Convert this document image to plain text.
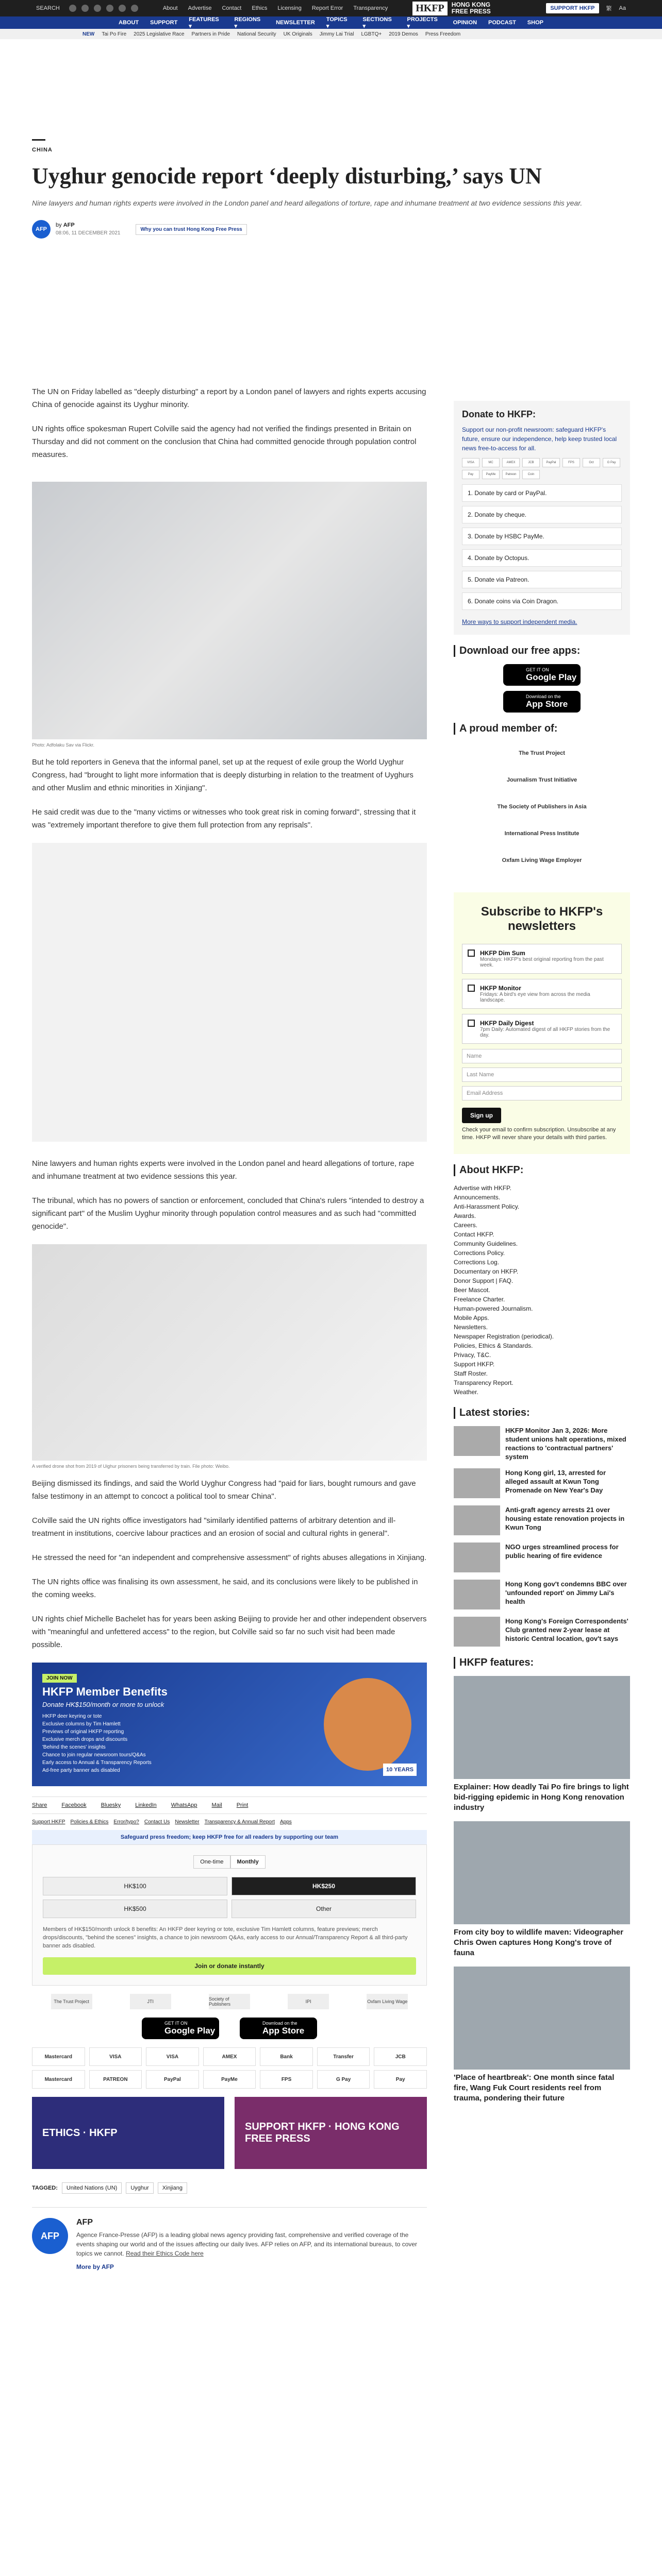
SEARCH	About Advertise Contact Ethics Licensing Report Error Transparency	HKFP	HONG KONG
FREE PRESS	SUPPORT HKFP	繁 Aa
ABOUT SUPPORT
FEATURES ▾
REGIONS ▾
NEWSLETTER
TOPICS ▾
SECTIONS ▾
PROJECTS ▾
OPINION PODCAST SHOP
NEW Tai Po Fire 2025 Legislative Race Partners in Pride National Security UK Originals Jimmy Lai Trial LGBTQ+ 2019 Demos Press Freedom
CHINA
Uyghur genocide report ‘deeply disturbing,’ says UN
Nine lawyers and human rights experts were involved in the London panel and heard allegations of torture, rape and inhumane treatment at two evidence sessions this year.
AFP
by AFP
08:06, 11 DECEMBER 2021
Why you can trust Hong Kong Free Press

The UN on Friday labelled as "deeply disturbing" a report by a London panel of lawyers and rights experts accusing China of genocide against its Uyghur minority.

UN rights office spokesman Rupert Colville said the agency had not verified the findings presented in Britain on Thursday and did not comment on the conclusion that China had committed genocide through population control measures.

Photo: Adfolaku Sav via Flickr.

But he told reporters in Geneva that the informal panel, set up at the request of exile group the World Uyghur Congress, had "brought to light more information that is deeply disturbing in relation to the treatment of Uyghurs and other Muslim and ethnic minorities in Xinjiang".

He said credit was due to the "many victims or witnesses who took great risk in coming forward", stressing that it was "extremely important therefore to give them full protection from any reprisals".

Nine lawyers and human rights experts were involved in the London panel and heard allegations of torture, rape and inhumane treatment at two evidence sessions this year.

The tribunal, which has no powers of sanction or enforcement, concluded that China's rulers "intended to destroy a significant part" of the Muslim Uyghur minority through population control measures and as such had "committed genocide".

A verified drone shot from 2019 of Uighur prisoners being transferred by train. File photo: Weibo.

Beijing dismissed its findings, and said the World Uyghur Congress had "paid for liars, bought rumours and gave false testimony in an attempt to concoct a political tool to smear China".

Colville said the UN rights office investigators had "similarly identified patterns of arbitrary detention and ill-treatment in institutions, coercive labour practices and an erosion of social and cultural rights in general".

He stressed the need for "an independent and comprehensive assessment" of rights abuses allegations in Xinjiang.

The UN rights office was finalising its own assessment, he said, and its conclusions were likely to be published in the coming weeks.

UN rights chief Michelle Bachelet has for years been asking Beijing to provide her and other independent observers with "meaningful and unfettered access" to the region, but Colville said so far no such visit had been made possible.

JOIN NOW
HKFP Member Benefits
Donate HK$150/month or more to unlock
HKFP deer keyring or tote
Exclusive columns by Tim Hamlett
Previews of original HKFP reporting
Exclusive merch drops and discounts
'Behind the scenes' insights
Chance to join regular newsroom tours/Q&As
Early access to Annual & Transparency Reports
Ad-free party banner ads disabled	10 YEARS
Share	Facebook	Bluesky	LinkedIn	WhatsApp	Mail	Print
Support HKFP Policies & Ethics Error/typo? Contact Us Newsletter Transparency & Annual Report Apps
Safeguard press freedom; keep HKFP free for all readers by supporting our team
One-time	Monthly
HK$100	HK$250
HK$500	Other
Members of HK$150/month unlock 8 benefits: An HKFP deer keyring or tote, exclusive Tim Hamlett columns, feature previews; merch drops/discounts, "behind the scenes" insights, a chance to join newsroom Q&As, early access to our Annual/Transparency Report & all third-party banner ads disabled.
Join or donate instantly
The Trust Project	JTI	Society of Publishers	IPI	Oxfam Living Wage
GET IT ON
Google Play
Download on the
App Store
Mastercard	VISA	VISA	AMEX	Bank	Transfer	JCB
Mastercard	PATREON	PayPal	PayMe	FPS	G Pay	Pay
ETHICS · HKFP
SUPPORT HKFP · HONG KONG FREE PRESS
TAGGED:	United Nations (UN)	Uyghur	Xinjiang
AFP
AFP

Agence France-Presse (AFP) is a leading global news agency providing fast, comprehensive and verified coverage of the events shaping our world and of the issues affecting our daily lives. AFP relies on AFP, and its international bureaus, to cover topics we cannot. Read their Ethics Code here

More by AFP
Donate to HKFP:
Support our non-profit newsroom: safeguard HKFP's future, ensure our independence, help keep trusted local news free-to-access for all.
VISA	MC	AMEX	JCB	PayPal	FPS	Oct	G Pay
Pay	PayMe	Patreon	Coin
1. Donate by card or PayPal.
2. Donate by cheque.
3. Donate by HSBC PayMe.
4. Donate by Octopus.
5. Donate via Patreon.
6. Donate coins via Coin Dragon.
More ways to support independent media.
Download our free apps:
GET IT ON
Google Play
Download on the
App Store
A proud member of:
The Trust Project
Journalism Trust Initiative
The Society of Publishers in Asia
International Press Institute
Oxfam Living Wage Employer
Subscribe to HKFP's newsletters
HKFP Dim Sum
Mondays: HKFP's best original reporting from the past week.
HKFP Monitor
Fridays: A bird's eye view from across the media landscape.
HKFP Daily Digest
7pm Daily: Automated digest of all HKFP stories from the day.
Name
Last Name
Email Address
Sign up
Check your email to confirm subscription. Unsubscribe at any time. HKFP will never share your details with third parties.
About HKFP:
Advertise with HKFP.
Announcements.
Anti-Harassment Policy.
Awards.
Careers.
Contact HKFP.
Community Guidelines.
Corrections Policy.
Corrections Log.
Documentary on HKFP.
Donor Support | FAQ.
Beer Mascot.
Freelance Charter.
Human-powered Journalism.
Mobile Apps.
Newsletters.
Newspaper Registration (periodical).
Policies, Ethics & Standards.
Privacy, T&C.
Support HKFP.
Staff Roster.
Transparency Report.
Weather.
Latest stories:
HKFP Monitor Jan 3, 2026: More student unions halt operations, mixed reactions to 'contractual partners' system
Hong Kong girl, 13, arrested for alleged assault at Kwun Tong Promenade on New Year's Day
Anti-graft agency arrests 21 over housing estate renovation projects in Kwun Tong
NGO urges streamlined process for public hearing of fire evidence
Hong Kong gov't condemns BBC over 'unfounded report' on Jimmy Lai's health
Hong Kong's Foreign Correspondents' Club granted new 2-year lease at historic Central location, gov't says
HKFP features:
Explainer: How deadly Tai Po fire brings to light bid-rigging epidemic in Hong Kong renovation industry
From city boy to wildlife maven: Videographer Chris Owen captures Hong Kong's trove of fauna
'Place of heartbreak': One month since fatal fire, Wang Fuk Court residents reel from trauma, pondering their future
